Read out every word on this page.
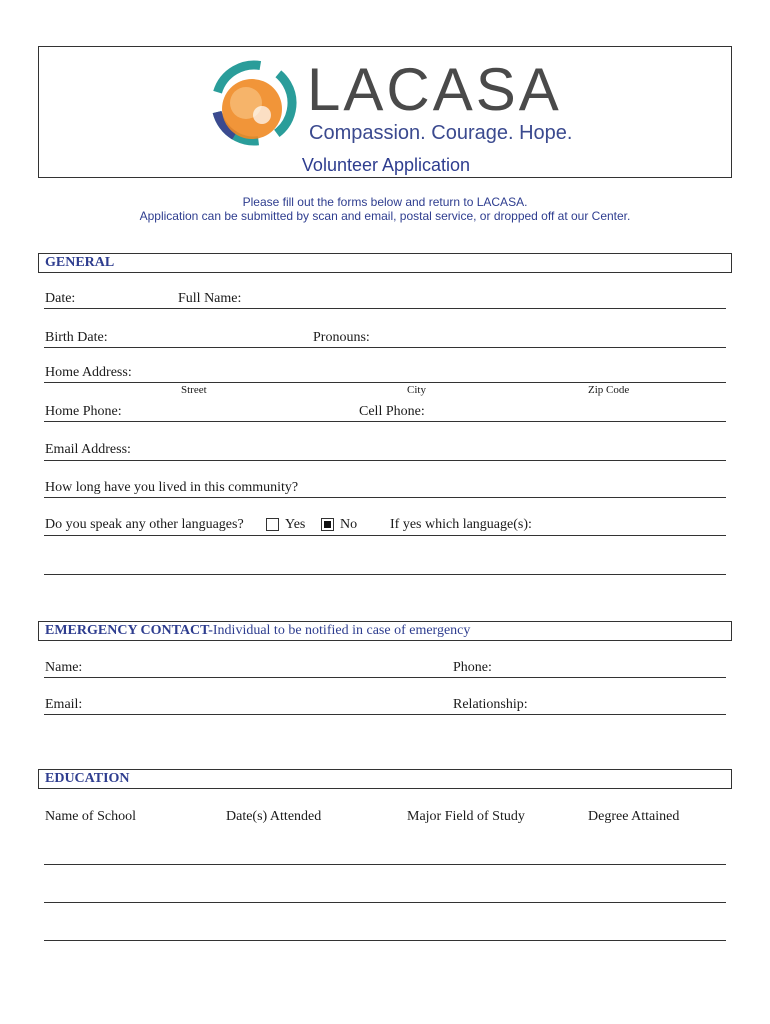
LACASA
Compassion. Courage. Hope.
Volunteer Application
Please fill out the forms below and return to LACASA.
Application can be submitted by scan and email, postal service, or dropped off at our Center.
GENERAL
Date:	Full Name:
Birth Date:	Pronouns:
Home Address:
Street	City	Zip Code
Home Phone:	Cell Phone:
Email Address:
How long have you lived in this community?
Do you speak any other languages?	Yes No If yes which language(s):
EMERGENCY CONTACT-Individual to be notified in case of emergency
Name:	Phone:
Email:	Relationship:
EDUCATION
Name of School	Date(s) Attended	Major Field of Study	Degree Attained
